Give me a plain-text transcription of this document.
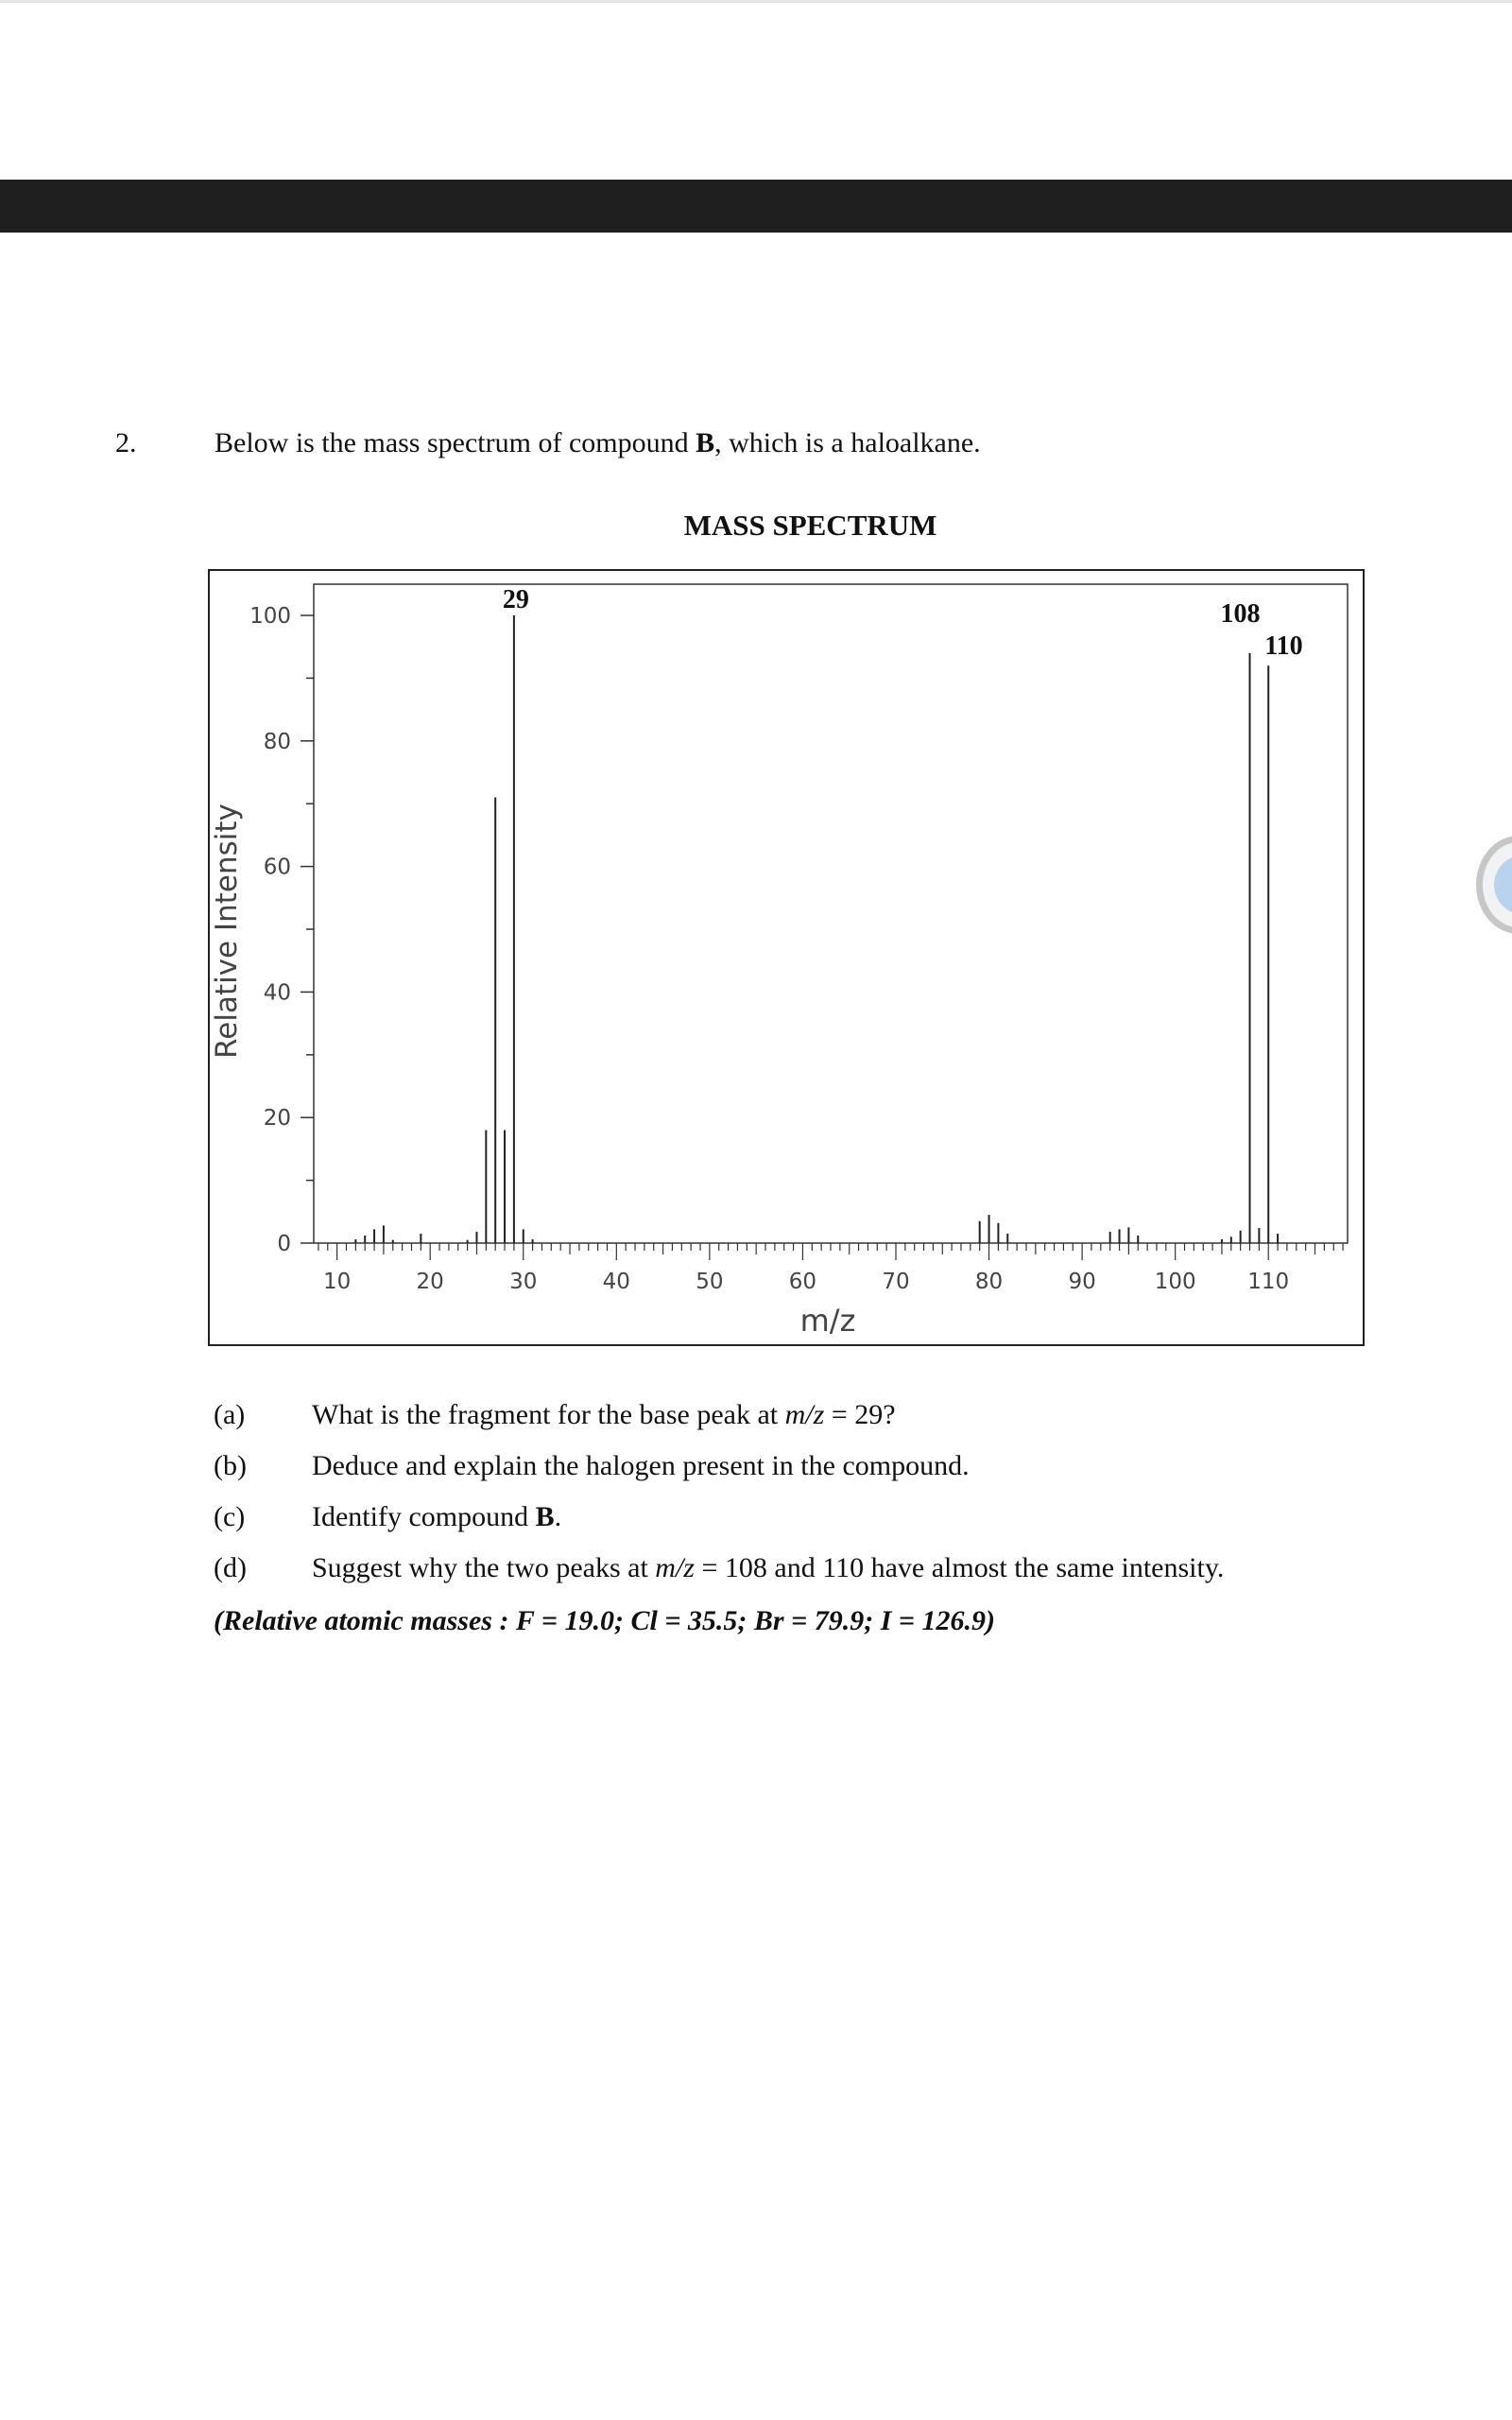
2.	Below is the mass spectrum of compound B, which is a haloalkane.
MASS SPECTRUM
0
20
40
60
80
100
10	20	30	40	50	60	70	80	90	100 110
m/z
Relative Intensity
29	108
110
(a) What is the fragment for the base peak at m/z = 29?
(b) Deduce and explain the halogen present in the compound.
(c) Identify compound B.
(d) Suggest why the two peaks at m/z = 108 and 110 have almost the same intensity.
(Relative atomic masses : F = 19.0; Cl = 35.5; Br = 79.9; I = 126.9)
